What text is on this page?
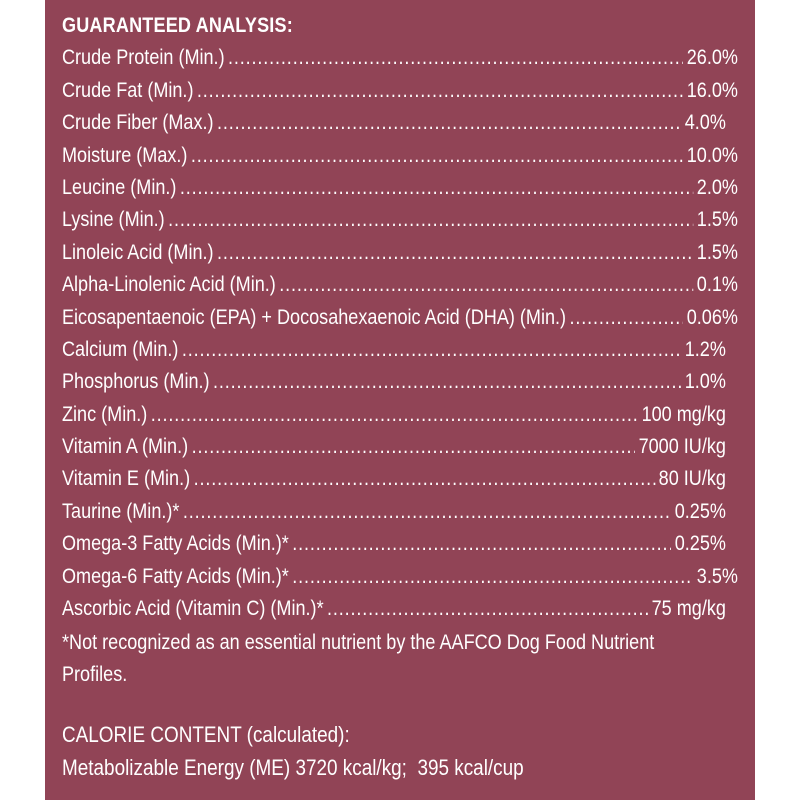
GUARANTEED ANALYSIS:
Crude Protein (Min.) .....	26.0%
Crude Fat (Min.) .....	16.0%
Crude Fiber (Max.) .....	4.0%
Moisture (Max.) .....	10.0%
Leucine (Min.) .....	2.0%
Lysine (Min.) .....	1.5%
Linoleic Acid (Min.) .....	1.5%
Alpha-Linolenic Acid (Min.) .....	0.1%
Eicosapentaenoic (EPA) + Docosahexaenoic Acid (DHA) (Min.) .....	0.06%
Calcium (Min.) .....	1.2%
Phosphorus (Min.) .....	1.0%
Zinc (Min.) .....	100 mg/kg
Vitamin A (Min.) .....	7000 IU/kg
Vitamin E (Min.) .....	80 IU/kg
Taurine (Min.)* .....	0.25%
Omega-3 Fatty Acids (Min.)* .....	0.25%
Omega-6 Fatty Acids (Min.)* .....	3.5%
Ascorbic Acid (Vitamin C) (Min.)* .....	75 mg/kg
*Not recognized as an essential nutrient by the AAFCO Dog Food Nutrient Profiles.
CALORIE CONTENT (calculated):
Metabolizable Energy (ME) 3720 kcal/kg;  395 kcal/cup
